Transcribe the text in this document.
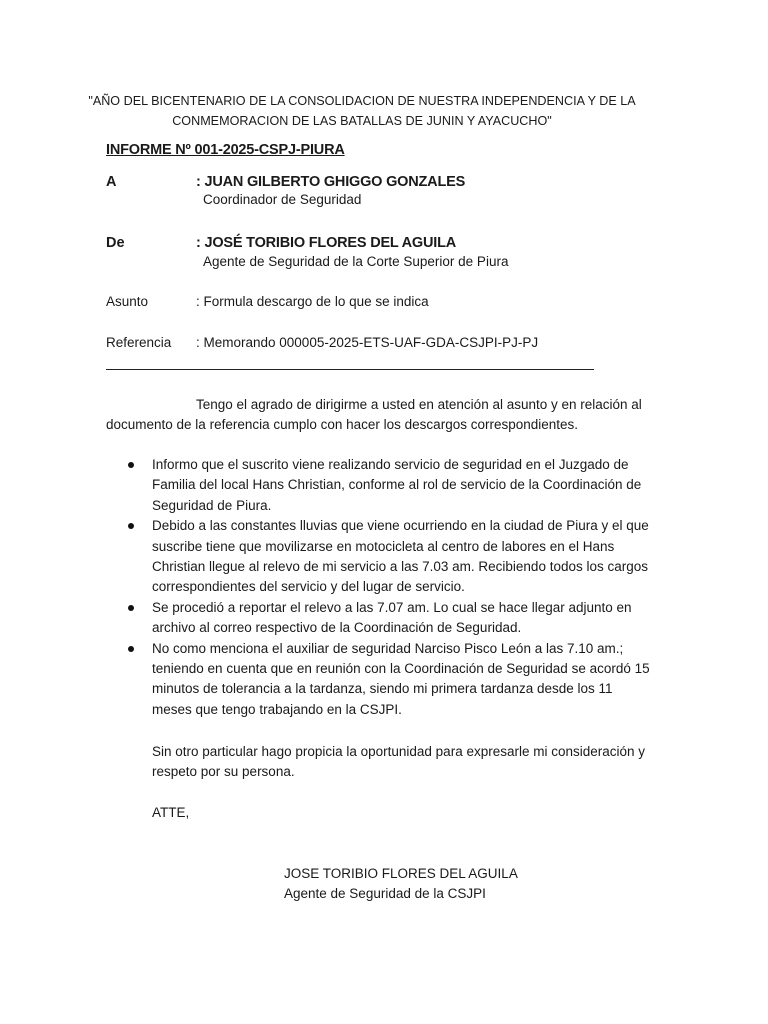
"AÑO DEL BICENTENARIO DE LA CONSOLIDACION DE NUESTRA INDEPENDENCIA Y DE LA
CONMEMORACION DE LAS BATALLAS DE JUNIN Y AYACUCHO"
INFORME Nº 001-2025-CSPJ-PIURA
A	: JUAN GILBERTO GHIGGO GONZALES
Coordinador de Seguridad
De	: JOSÉ TORIBIO FLORES DEL AGUILA
Agente de Seguridad de la Corte Superior de Piura
Asunto	: Formula descargo de lo que se indica
Referencia : Memorando 000005-2025-ETS-UAF-GDA-CSJPI-PJ-PJ
Tengo el agrado de dirigirme a usted en atención al asunto y en relación al
documento de la referencia cumplo con hacer los descargos correspondientes.
Informo que el suscrito viene realizando servicio de seguridad en el Juzgado de
Familia del local Hans Christian, conforme al rol de servicio de la Coordinación de
Seguridad de Piura.
Debido a las constantes lluvias que viene ocurriendo en la ciudad de Piura y el que
suscribe tiene que movilizarse en motocicleta al centro de labores en el Hans
Christian llegue al relevo de mi servicio a las 7.03 am. Recibiendo todos los cargos
correspondientes del servicio y del lugar de servicio.
Se procedió a reportar el relevo a las 7.07 am. Lo cual se hace llegar adjunto en
archivo al correo respectivo de la Coordinación de Seguridad.
No como menciona el auxiliar de seguridad Narciso Pisco León a las 7.10 am.;
teniendo en cuenta que en reunión con la Coordinación de Seguridad se acordó 15
minutos de tolerancia a la tardanza, siendo mi primera tardanza desde los 11
meses que tengo trabajando en la CSJPI.
Sin otro particular hago propicia la oportunidad para expresarle mi consideración y
respeto por su persona.
ATTE,
JOSE TORIBIO FLORES DEL AGUILA
Agente de Seguridad de la CSJPI
